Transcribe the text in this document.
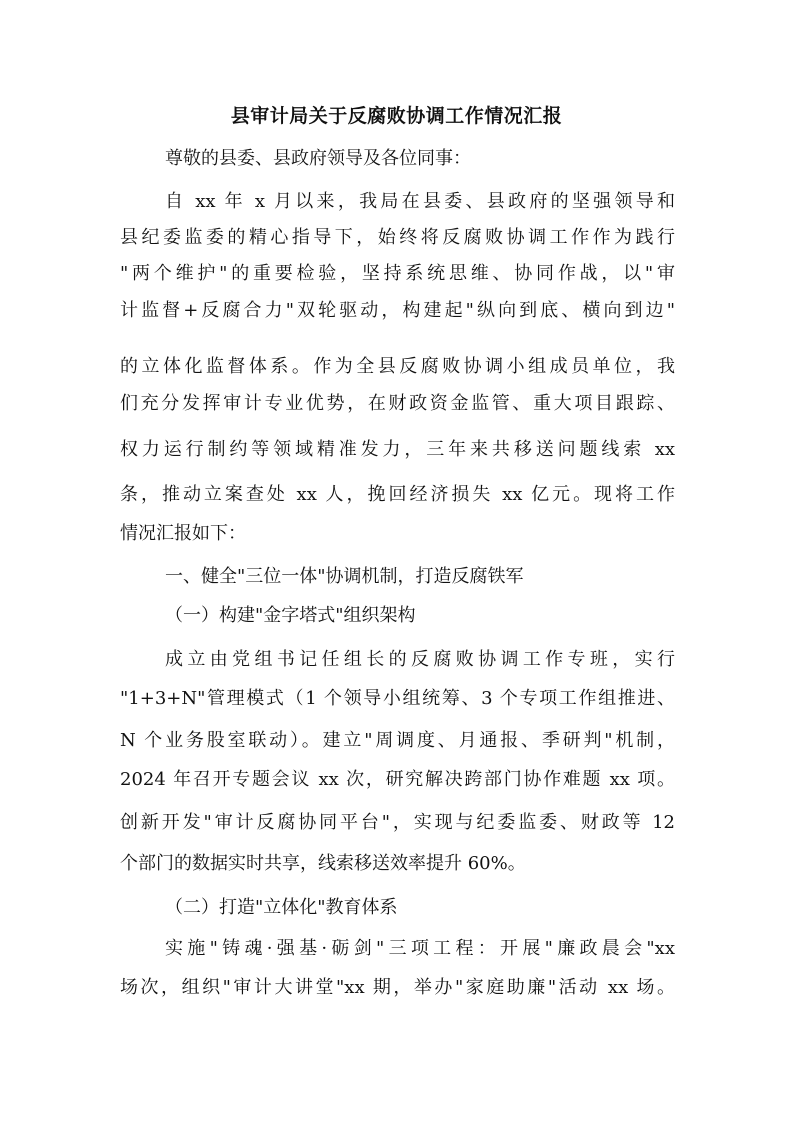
县审计局关于反腐败协调工作情况汇报
尊敬的县委、县政府领导及各位同事：
自 xx 年 x 月以来，我局在县委、县政府的坚强领导和
县纪委监委的精心指导下，始终将反腐败协调工作作为践行
"两个维护"的重要检验，坚持系统思维、协同作战，以"审
计监督+反腐合力"双轮驱动，构建起"纵向到底、横向到边"
的立体化监督体系。作为全县反腐败协调小组成员单位，我
们充分发挥审计专业优势，在财政资金监管、重大项目跟踪、
权力运行制约等领域精准发力，三年来共移送问题线索 xx
条，推动立案查处 xx 人，挽回经济损失 xx 亿元。现将工作
情况汇报如下：
一、健全"三位一体"协调机制，打造反腐铁军
（一）构建"金字塔式"组织架构
成立由党组书记任组长的反腐败协调工作专班，实行
"1+3+N"管理模式（1 个领导小组统筹、3 个专项工作组推进、
N 个业务股室联动）。建立"周调度、月通报、季研判"机制，
2024 年召开专题会议 xx 次，研究解决跨部门协作难题 xx 项。
创新开发"审计反腐协同平台"，实现与纪委监委、财政等 12
个部门的数据实时共享，线索移送效率提升 60%。
（二）打造"立体化"教育体系
实施"铸魂·强基·砺剑"三项工程：开展"廉政晨会"xx
场次，组织"审计大讲堂"xx 期，举办"家庭助廉"活动 xx 场。
